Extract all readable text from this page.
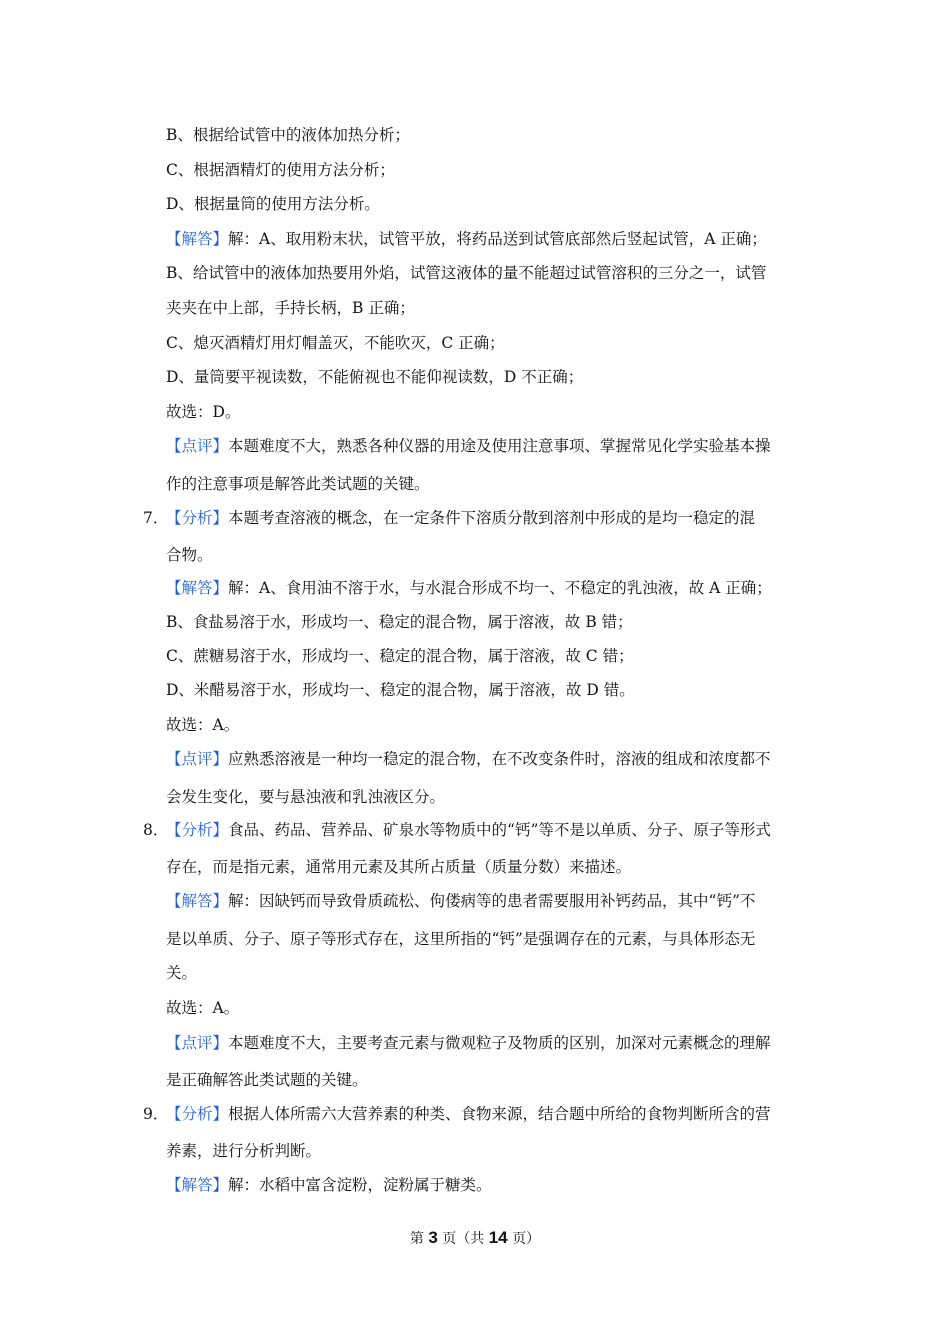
B、根据给试管中的液体加热分析；
C、根据酒精灯的使用方法分析；
D、根据量筒的使用方法分析。
【解答】解：A、取用粉末状，试管平放，将药品送到试管底部然后竖起试管，A 正确；
B、给试管中的液体加热要用外焰，试管这液体的量不能超过试管溶积的三分之一，试管
夹夹在中上部，手持长柄，B 正确；
C、熄灭酒精灯用灯帽盖灭，不能吹灭，C 正确；
D、量筒要平视读数，不能俯视也不能仰视读数，D 不正确；
故选：D。
【点评】本题难度不大，熟悉各种仪器的用途及使用注意事项、掌握常见化学实验基本操
作的注意事项是解答此类试题的关键。
7．
【分析】本题考查溶液的概念，在一定条件下溶质分散到溶剂中形成的是均一稳定的混
合物。
【解答】解：A、食用油不溶于水，与水混合形成不均一、不稳定的乳浊液，故 A 正确；
B、食盐易溶于水，形成均一、稳定的混合物，属于溶液，故 B 错；
C、蔗糖易溶于水，形成均一、稳定的混合物，属于溶液，故 C 错；
D、米醋易溶于水，形成均一、稳定的混合物，属于溶液，故 D 错。
故选：A。
【点评】应熟悉溶液是一种均一稳定的混合物，在不改变条件时，溶液的组成和浓度都不
会发生变化，要与悬浊液和乳浊液区分。
8．
【分析】食品、药品、营养品、矿泉水等物质中的“钙”等不是以单质、分子、原子等形式
存在，而是指元素，通常用元素及其所占质量（质量分数）来描述。
【解答】解：因缺钙而导致骨质疏松、佝偻病等的患者需要服用补钙药品，其中“钙”不
是以单质、分子、原子等形式存在，这里所指的“钙”是强调存在的元素，与具体形态无
关。
故选：A。
【点评】本题难度不大，主要考查元素与微观粒子及物质的区别，加深对元素概念的理解
是正确解答此类试题的关键。
9．
【分析】根据人体所需六大营养素的种类、食物来源，结合题中所给的食物判断所含的营
养素，进行分析判断。
【解答】解：水稻中富含淀粉，淀粉属于糖类。
第 3 页（共 14 页）
